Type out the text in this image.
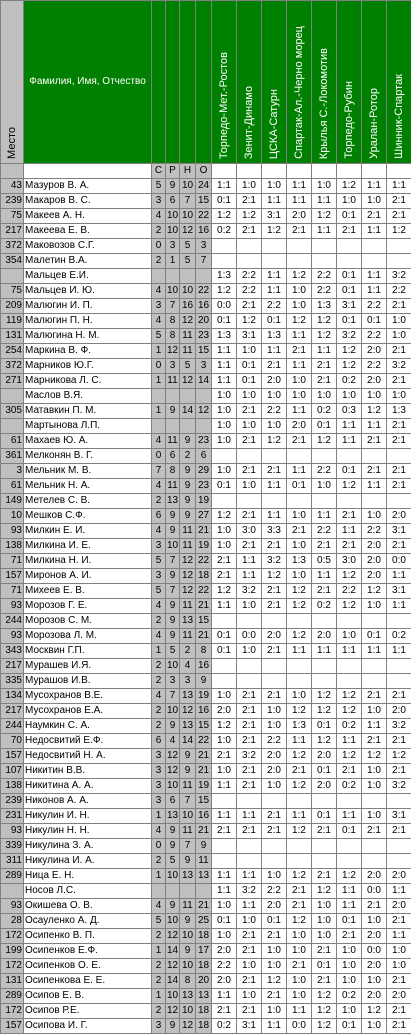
Место	Фамилия, Имя, Отчество					Торпедо-Мет.-Ростов	Зенит-Динамо	ЦСКА-Сатурн	Спартак-Ал.-Черно морец	Крылья С.-Локомотив	Торпедо-Рубин	Уралан-Ротор	Шинник-Спартак

		С	Р	Н	О								
43	Мазуров В. А.	5	9	10	24	1:1	1:0	1:0	1:1	1:0	1:2	1:1	1:1
239	Макаров В. С.	3	6	7	15	0:1	2:1	1:1	1:1	1:1	1:0	1:0	2:1
75	Макеев А. Н.	4	10	10	22	1:2	1:2	3:1	2:0	1:2	0:1	2:1	2:1
217	Макеева Е. В.	2	10	12	16	0:2	2:1	1:2	2:1	1:1	2:1	1:1	1:2
372	Маковозов С.Г.	0	3	5	3								
354	Малетин В.А.	2	1	5	7								
	Мальцев Е.И.					1:3	2:2	1:1	1:2	2:2	0:1	1:1	3:2
75	Мальцев И. Ю.	4	10	10	22	1:2	2:2	1:1	1:0	2:2	0:1	1:1	2:2
209	Малюгин И. П.	3	7	16	16	0:0	2:1	2:2	1:0	1:3	3:1	2:2	2:1
119	Малюгин П. Н.	4	8	12	20	0:1	1:2	0:1	1:2	1:2	0:1	0:1	1:0
131	Малюгина Н. М.	5	8	11	23	1:3	3:1	1:3	1:1	1:2	3:2	2:2	1:0
254	Маркина В. Ф.	1	12	11	15	1:1	1:0	1:1	2:1	1:1	1:2	2:0	2:1
372	Марников Ю.Г.	0	3	5	3	1:1	0:1	2:1	1:1	2:1	1:2	2:2	3:2
271	Марникова Л. С.	1	11	12	14	1:1	0:1	2:0	1:0	2:1	0:2	2:0	2:1
	Маслов В.Я.					1:0	1:0	1:0	1:0	1:0	1:0	1:0	1:0
305	Матавкин П. М.	1	9	14	12	1:0	2:1	2:2	1:1	0:2	0:3	1:2	1:3
	Мартынова Л.П.					1:0	1:0	1:0	2:0	0:1	1:1	1:1	2:1
61	Махаев Ю. А.	4	11	9	23	1:0	2:1	1:2	2:1	1:2	1:1	2:1	2:1
361	Мелконян В. Г.	0	6	2	6								
3	Мельник М. В.	7	8	9	29	1:0	2:1	2:1	1:1	2:2	0:1	2:1	2:1
61	Мельник Н. А.	4	11	9	23	0:1	1:0	1:1	0:1	1:0	1:2	1:1	2:1
149	Метелев С. В.	2	13	9	19								
10	Мешков С.Ф.	6	9	9	27	1:2	2:1	1:1	1:0	1:1	2:1	1:0	2:0
93	Милкин Е. И.	4	9	11	21	1:0	3:0	3:3	2:1	2:2	1:1	2:2	3:1
138	Милкина И. Е.	3	10	11	19	1:0	2:1	2:1	1:0	2:1	2:1	2:0	2:1
71	Милкина Н. И.	5	7	12	22	2:1	1:1	3:2	1:3	0:5	3:0	2:0	0:0
157	Миронов А. И.	3	9	12	18	2:1	1:1	1:2	1:0	1:1	1:2	2:0	1:1
71	Михеев Е. В.	5	7	12	22	1:2	3:2	2:1	1:2	2:1	2:2	1:2	3:1
93	Морозов Г. Е.	4	9	11	21	1:1	1:0	2:1	1:2	0:2	1:2	1:0	1:1
244	Морозов С. М.	2	9	13	15								
93	Морозова Л. М.	4	9	11	21	0:1	0:0	2:0	1:2	2:0	1:0	0:1	0:2
343	Москвин Г.П.	1	5	2	8	0:1	1:0	2:1	1:1	1:1	1:1	1:1	1:1
217	Мурашев И.Я.	2	10	4	16								
335	Мурашов И.В.	2	3	3	9								
134	Мусохранов В.Е.	4	7	13	19	1:0	2:1	2:1	1:0	1:2	1:2	2:1	2:1
217	Мусохранов Е.А.	2	10	12	16	2:0	2:1	1:0	1:2	1:2	1:2	1:0	2:0
244	Наумкин С. А.	2	9	13	15	1:2	2:1	1:0	1:3	0:1	0:2	1:1	3:2
70	Недосвитий Е.Ф.	6	4	14	22	1:0	2:1	2:2	1:1	1:2	1:1	2:1	2:1
157	Недосвитий Н. А.	3	12	9	21	2:1	3:2	2:0	1:2	2:0	1:2	1:2	1:2
107	Никитин В.В.	3	12	9	21	1:0	2:1	2:0	2:1	0:1	2:1	1:0	2:1
138	Никитина А. А.	3	10	11	19	1:1	2:1	1:0	1:2	2:0	0:2	1:0	3:2
239	Никонов А. А.	3	6	7	15								
231	Никулин И. Н.	1	13	10	16	1:1	1:1	2:1	1:1	0:1	1:1	1:0	3:1
93	Никулин Н. Н.	4	9	11	21	2:1	2:1	2:1	1:2	2:1	0:1	2:1	2:1
339	Никулина З. А.	0	9	7	9								
311	Никулина И. А.	2	5	9	11								
289	Ница Е. Н.	1	10	13	13	1:1	1:1	1:0	1:2	2:1	1:2	2:0	2:0
	Носов Л.С.					1:1	3:2	2:2	2:1	1:2	1:1	0:0	1:1
93	Окишева О. В.	4	9	11	21	1:0	1:1	2:0	2:1	1:0	1:1	2:1	2:0
28	Осауленко А. Д.	5	10	9	25	0:1	1:0	0:1	1:2	1:0	0:1	1:0	2:1
172	Осипенко В. П.	2	12	10	18	1:0	2:1	2:1	1:0	1:0	2:1	2:0	1:1
199	Осипенков Е.Ф.	1	14	9	17	2:0	2:1	1:0	1:0	2:1	1:0	0:0	1:0
172	Осипенков О. Е.	2	12	10	18	2:2	1:0	1:0	2:1	0:1	1:0	2:0	1:0
131	Осипенкова Е. Е.	2	14	8	20	2:0	2:1	1:2	1:0	2:1	1:0	1:0	2:1
289	Осипов Е. В.	1	10	13	13	1:1	1:0	2:1	1:0	1:2	0:2	2:0	2:0
172	Осипов Р.Е.	2	12	10	18	2:1	2:1	1:0	1:1	1:2	1:0	1:2	2:1
157	Осипова И. Г.	3	9	12	18	0:2	3:1	1:1	0:0	1:2	0:1	1:0	2:1
